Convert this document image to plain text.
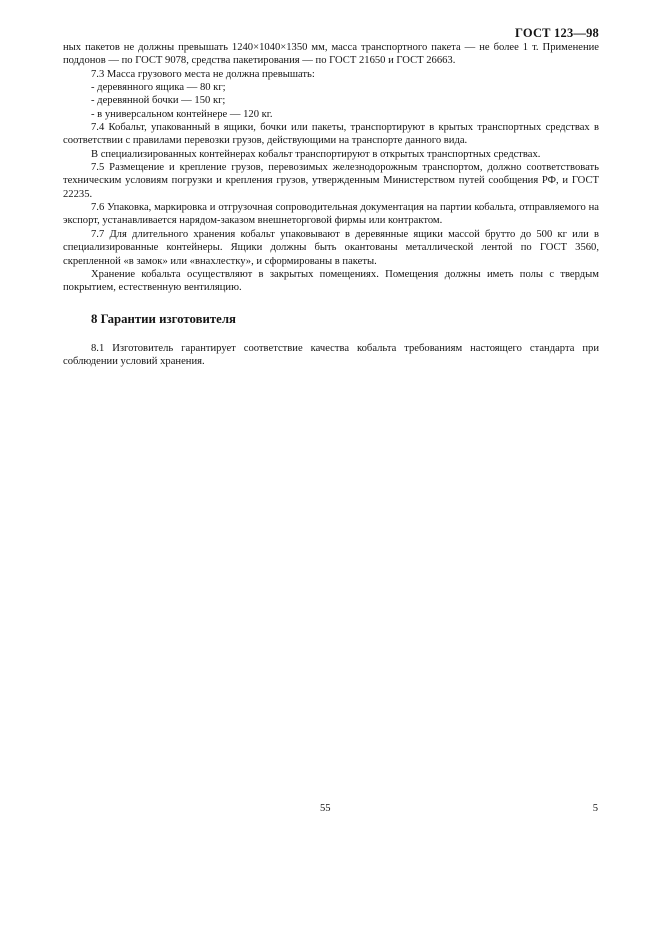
ГОСТ 123—98

ных пакетов не должны превышать 1240×1040×1350 мм, масса транспортного пакета — не более 1 т. Применение поддонов — по ГОСТ 9078, средства пакетирования — по ГОСТ 21650 и ГОСТ 26663.

7.3 Масса грузового места не должна превышать:

- деревянного ящика — 80 кг;

- деревянной бочки — 150 кг;

- в универсальном контейнере — 120 кг.

7.4 Кобальт, упакованный в ящики, бочки или пакеты, транспортируют в крытых транспортных средствах в соответствии с правилами перевозки грузов, действующими на транспорте данного вида.

В специализированных контейнерах кобальт транспортируют в открытых транспортных средствах.

7.5 Размещение и крепление грузов, перевозимых железнодорожным транспортом, должно соответствовать техническим условиям погрузки и крепления грузов, утвержденным Министерством путей сообщения РФ, и ГОСТ 22235.

7.6 Упаковка, маркировка и отгрузочная сопроводительная документация на партии кобальта, отправляемого на экспорт, устанавливается нарядом-заказом внешнеторговой фирмы или контрактом.

7.7 Для длительного хранения кобальт упаковывают в деревянные ящики массой брутто до 500 кг или в специализированные контейнеры. Ящики должны быть окантованы металлической лентой по ГОСТ 3560, скрепленной «в замок» или «внахлестку», и сформированы в пакеты.

Хранение кобальта осуществляют в закрытых помещениях. Помещения должны иметь полы с твердым покрытием, естественную вентиляцию.

8 Гарантии изготовителя

8.1 Изготовитель гарантирует соответствие качества кобальта требованиям настоящего стандарта при соблюдении условий хранения.

55	5
